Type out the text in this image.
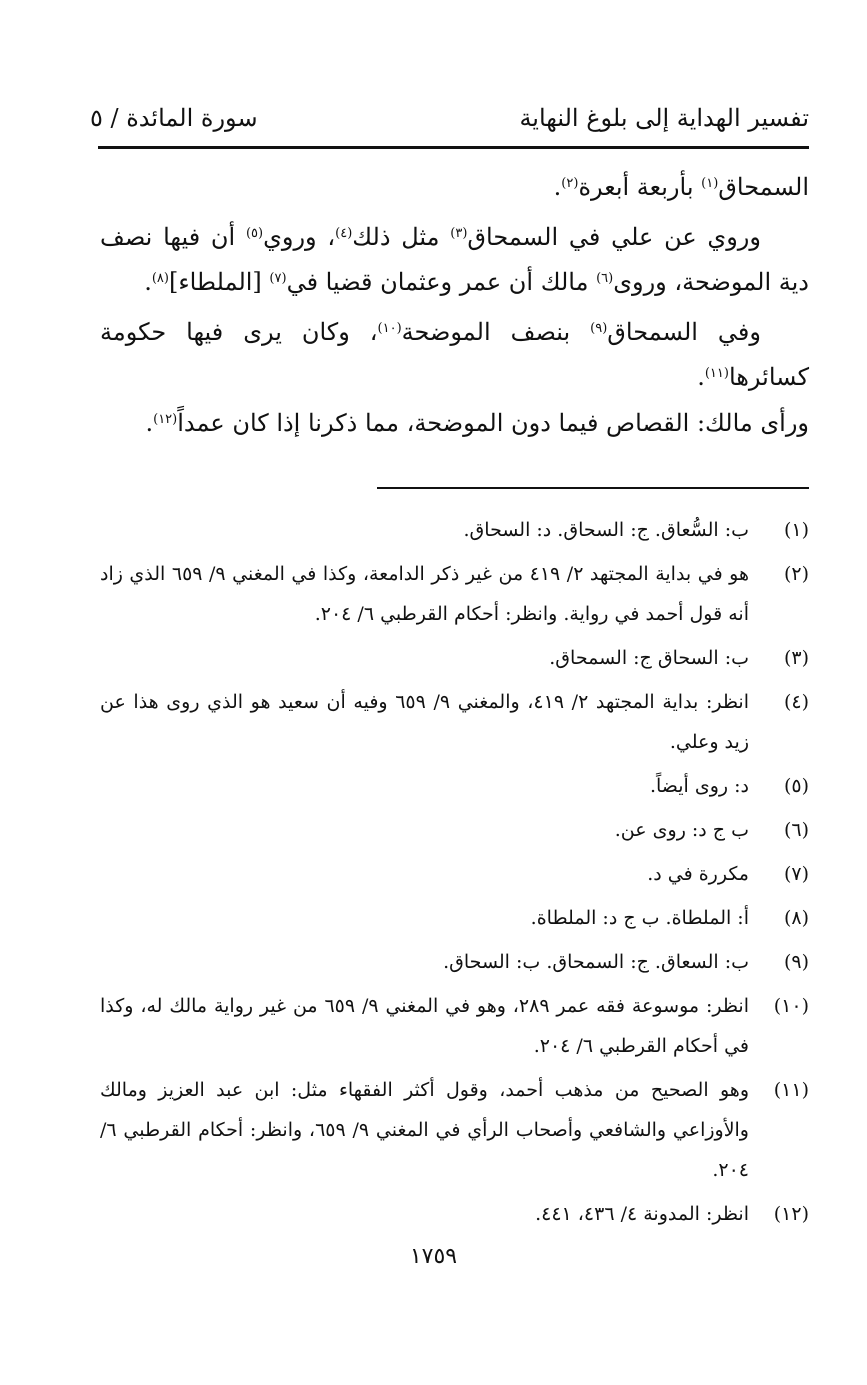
تفسير الهداية إلى بلوغ النهاية
سورة المائدة / ٥

السمحاق$^{(١)}$ بأربعة أبعرة$^{(٢)}$.

وروي عن علي في السمحاق$^{(٣)}$ مثل ذلك$^{(٤)}$، وروي$^{(٥)}$ أن فيها نصف دية الموضحة، وروى$^{(٦)}$ مالك أن عمر وعثمان قضيا في$^{(٧)}$ [الملطاء]$^{(٨)}$.

وفي السمحاق$^{(٩)}$ بنصف الموضحة$^{(١٠)}$، وكان يرى فيها حكومة كسائرها$^{(١١)}$.

ورأى مالك: القصاص فيما دون الموضحة، مما ذكرنا إذا كان عمداً$^{(١٢)}$.

(١)
ب: السُّعاق. ج: السحاق. د: السحاق.
(٢)
هو في بداية المجتهد ٢/ ٤١٩ من غير ذكر الدامعة، وكذا في المغني ٩/ ٦٥٩ الذي زاد أنه قول أحمد في رواية. وانظر: أحكام القرطبي ٦/ ٢٠٤.
(٣)
ب: السحاق ج: السمحاق.
(٤)
انظر: بداية المجتهد ٢/ ٤١٩، والمغني ٩/ ٦٥٩ وفيه أن سعيد هو الذي روى هذا عن زيد وعلي.
(٥)
د: روى أيضاً.
(٦)
ب ج د: روى عن.
(٧)
مكررة في د.
(٨)
أ: الملطاة. ب ج د: الملطاة.
(٩)
ب: السعاق. ج: السمحاق. ب: السحاق.
(١٠)
انظر: موسوعة فقه عمر ٢٨٩، وهو في المغني ٩/ ٦٥٩ من غير رواية مالك له، وكذا في أحكام القرطبي ٦/ ٢٠٤.
(١١)
وهو الصحيح من مذهب أحمد، وقول أكثر الفقهاء مثل: ابن عبد العزيز ومالك والأوزاعي والشافعي وأصحاب الرأي في المغني ٩/ ٦٥٩، وانظر: أحكام القرطبي ٦/ ٢٠٤.
(١٢)
انظر: المدونة ٤/ ٤٣٦، ٤٤١.
١٧٥٩
